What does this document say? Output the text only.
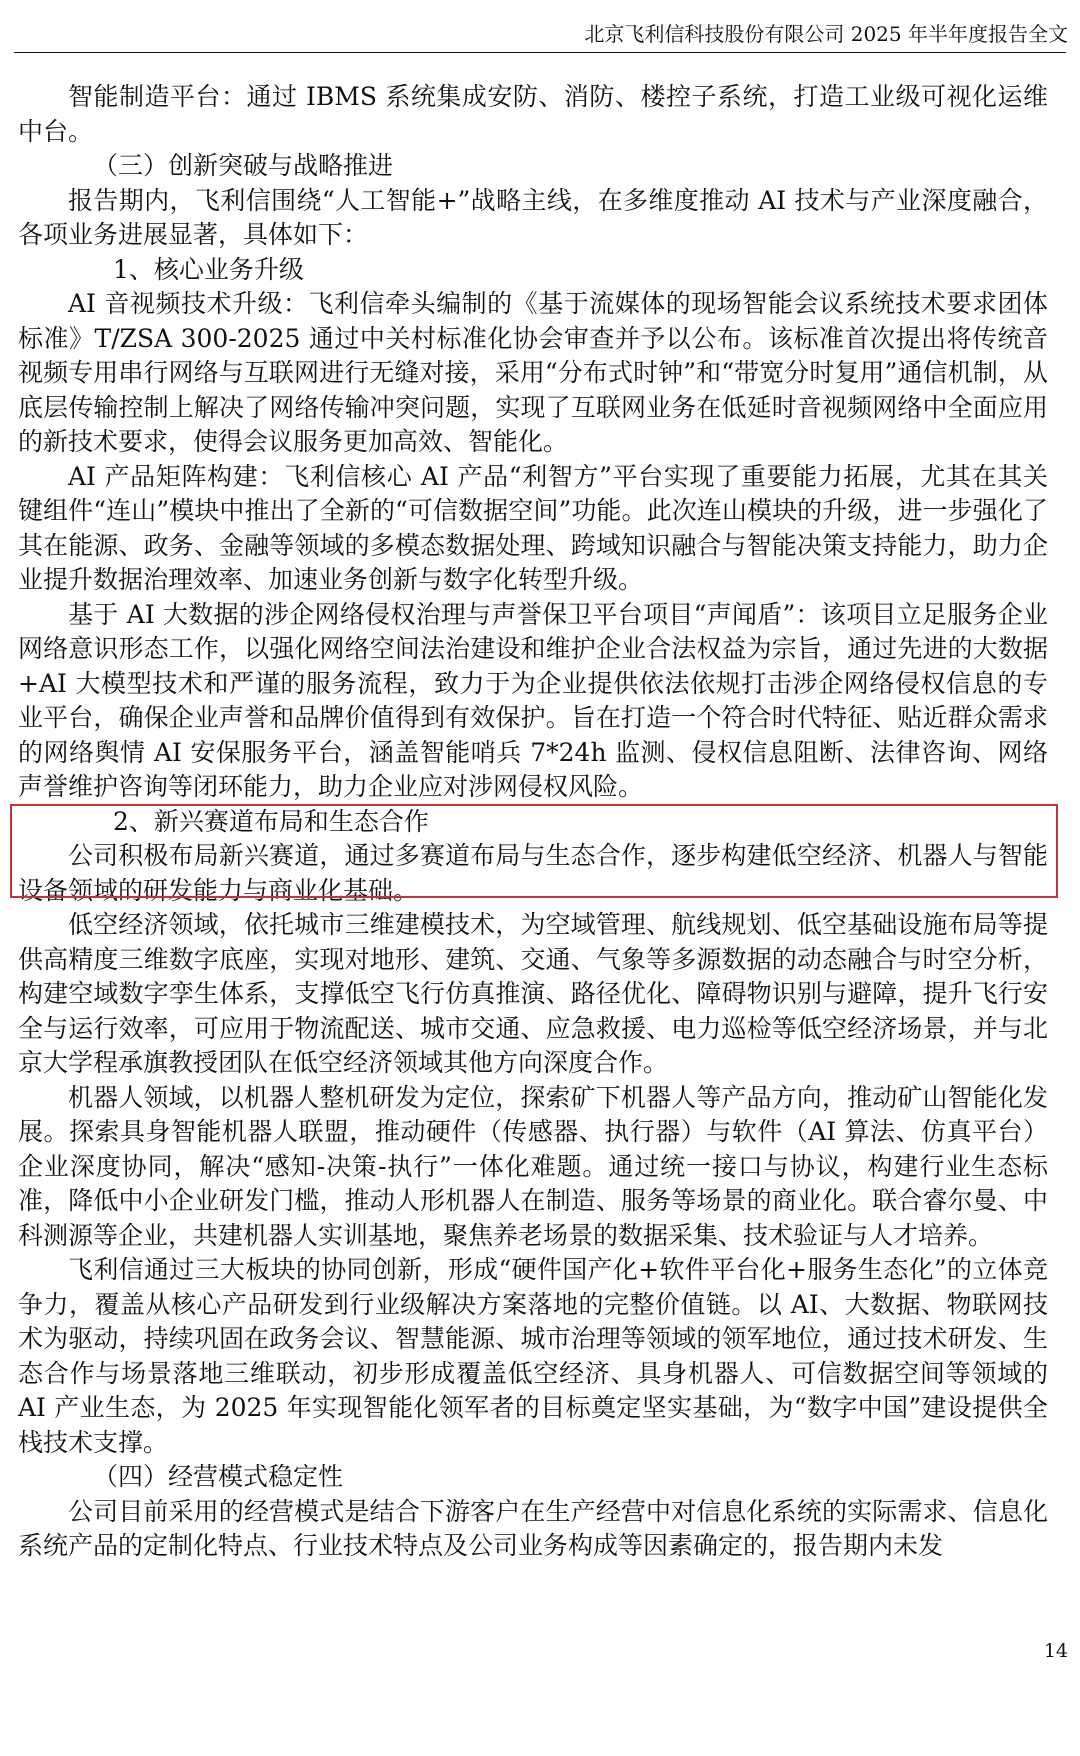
北京飞利信科技股份有限公司 2025 年半年度报告全文

智能制造平台：通过 IBMS 系统集成安防、消防、楼控子系统，打造工业级可视化运维中台。

（三）创新突破与战略推进

报告期内，飞利信围绕“人工智能+”战略主线，在多维度推动 AI 技术与产业深度融合，各项业务进展显著，具体如下：

1、核心业务升级

AI 音视频技术升级：飞利信牵头编制的《基于流媒体的现场智能会议系统技术要求团体标准》T/ZSA 300-2025 通过中关村标准化协会审查并予以公布。该标准首次提出将传统音视频专用串行网络与互联网进行无缝对接，采用“分布式时钟”和“带宽分时复用”通信机制，从底层传输控制上解决了网络传输冲突问题，实现了互联网业务在低延时音视频网络中全面应用的新技术要求，使得会议服务更加高效、智能化。

AI 产品矩阵构建：飞利信核心 AI 产品“利智方”平台实现了重要能力拓展，尤其在其关键组件“连山”模块中推出了全新的“可信数据空间”功能。此次连山模块的升级，进一步强化了其在能源、政务、金融等领域的多模态数据处理、跨域知识融合与智能决策支持能力，助力企业提升数据治理效率、加速业务创新与数字化转型升级。

基于 AI 大数据的涉企网络侵权治理与声誉保卫平台项目“声闻盾”：该项目立足服务企业网络意识形态工作，以强化网络空间法治建设和维护企业合法权益为宗旨，通过先进的大数据+AI 大模型技术和严谨的服务流程，致力于为企业提供依法依规打击涉企网络侵权信息的专业平台，确保企业声誉和品牌价值得到有效保护。旨在打造一个符合时代特征、贴近群众需求的网络舆情 AI 安保服务平台，涵盖智能哨兵 7*24h 监测、侵权信息阻断、法律咨询、网络声誉维护咨询等闭环能力，助力企业应对涉网侵权风险。

2、新兴赛道布局和生态合作

公司积极布局新兴赛道，通过多赛道布局与生态合作，逐步构建低空经济、机器人与智能设备领域的研发能力与商业化基础。

低空经济领域，依托城市三维建模技术，为空域管理、航线规划、低空基础设施布局等提供高精度三维数字底座，实现对地形、建筑、交通、气象等多源数据的动态融合与时空分析，构建空域数字孪生体系，支撑低空飞行仿真推演、路径优化、障碍物识别与避障，提升飞行安全与运行效率，可应用于物流配送、城市交通、应急救援、电力巡检等低空经济场景，并与北京大学程承旗教授团队在低空经济领域其他方向深度合作。

机器人领域，以机器人整机研发为定位，探索矿下机器人等产品方向，推动矿山智能化发展。探索具身智能机器人联盟，推动硬件（传感器、执行器）与软件（AI 算法、仿真平台）企业深度协同，解决“感知-决策-执行”一体化难题。通过统一接口与协议，构建行业生态标准，降低中小企业研发门槛，推动人形机器人在制造、服务等场景的商业化。联合睿尔曼、中科测源等企业，共建机器人实训基地，聚焦养老场景的数据采集、技术验证与人才培养。

飞利信通过三大板块的协同创新，形成“硬件国产化+软件平台化+服务生态化”的立体竞争力，覆盖从核心产品研发到行业级解决方案落地的完整价值链。以 AI、大数据、物联网技术为驱动，持续巩固在政务会议、智慧能源、城市治理等领域的领军地位，通过技术研发、生态合作与场景落地三维联动，初步形成覆盖低空经济、具身机器人、可信数据空间等领域的 AI 产业生态，为 2025 年实现智能化领军者的目标奠定坚实基础，为“数字中国”建设提供全栈技术支撑。

（四）经营模式稳定性

公司目前采用的经营模式是结合下游客户在生产经营中对信息化系统的实际需求、信息化系统产品的定制化特点、行业技术特点及公司业务构成等因素确定的，报告期内未发

14
